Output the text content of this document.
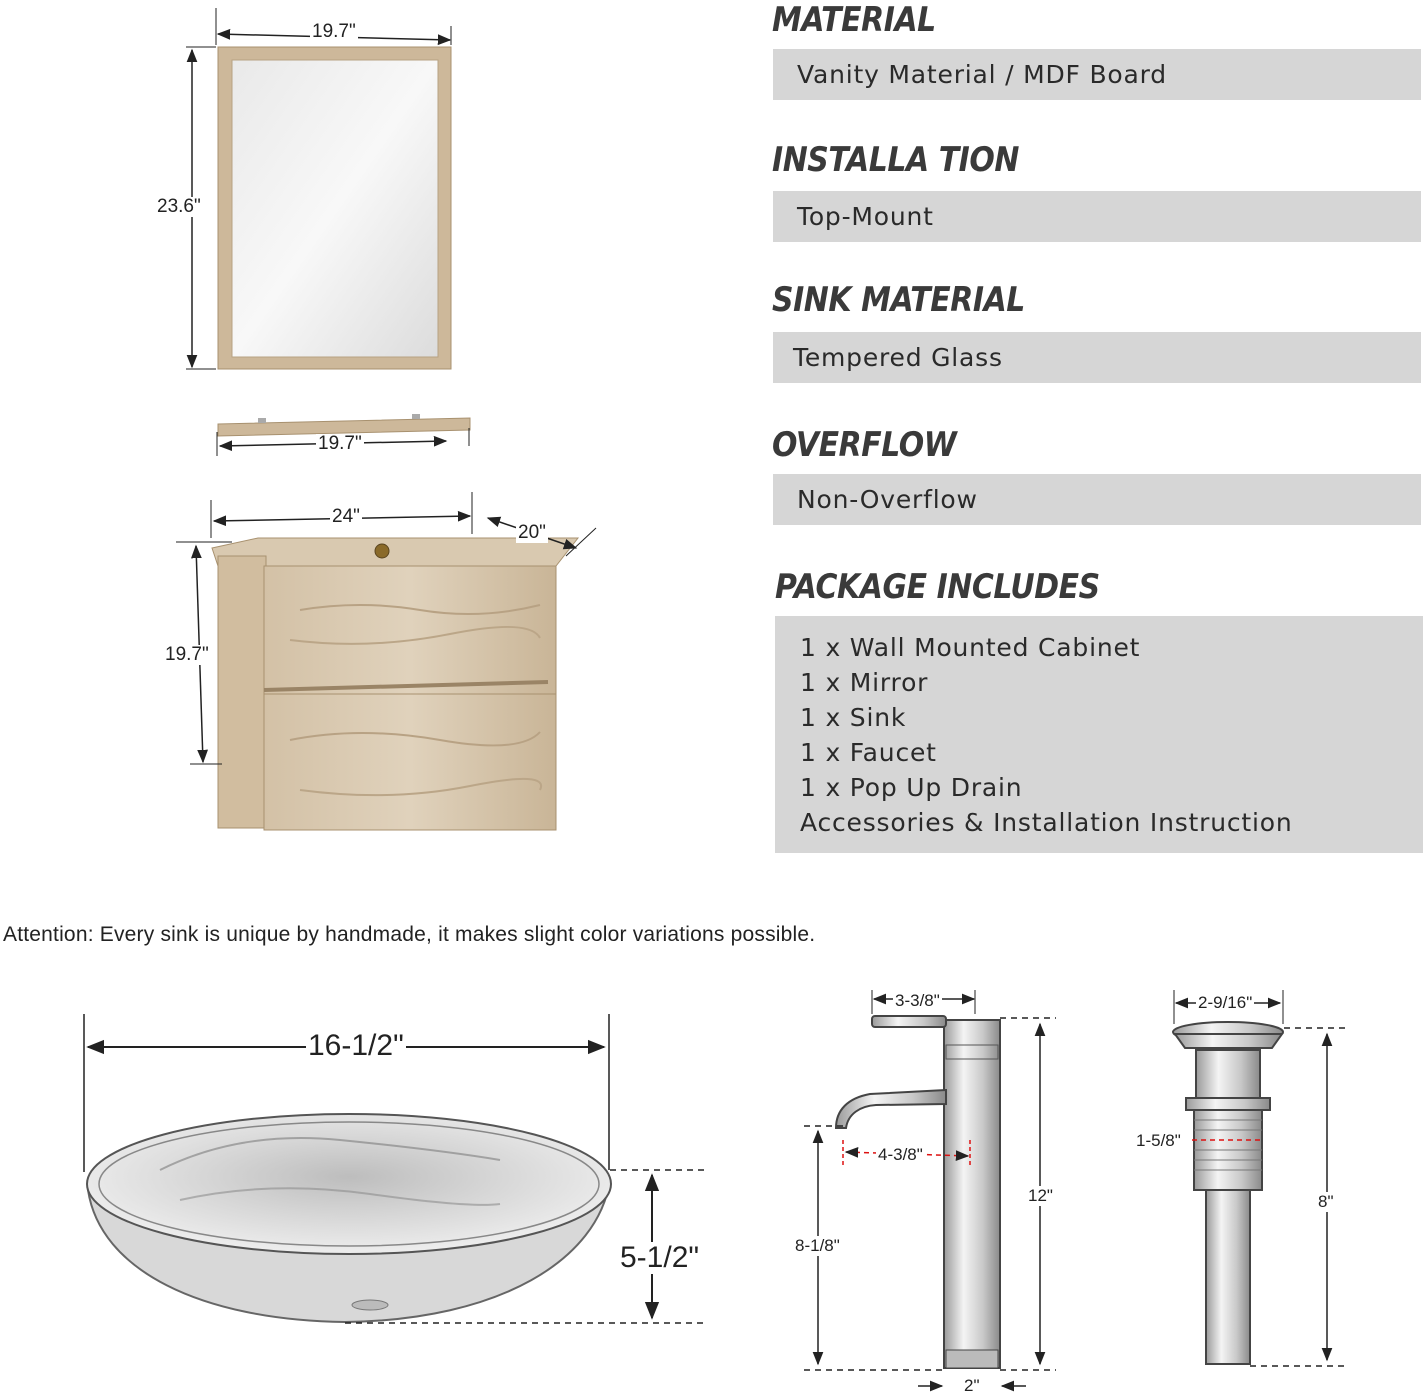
19.7"
23.6"
19.7"
24"
20"
19.7"
16-1/2"
5-1/2"
3-3/8"
4-3/8"
12"
8-1/8"
2"
2-9/16"
1-5/8"
8"
MATERIAL
Vanity Material / MDF Board
INSTALLA TION
Top-Mount
SINK MATERIAL
Tempered Glass
OVERFLOW
Non-Overflow
PACKAGE INCLUDES
1 x Wall Mounted Cabinet
1 x Mirror
1 x Sink
1 x Faucet
1 x Pop Up Drain
Accessories & Installation Instruction
Attention: Every sink is unique by handmade, it makes slight color variations possible.
